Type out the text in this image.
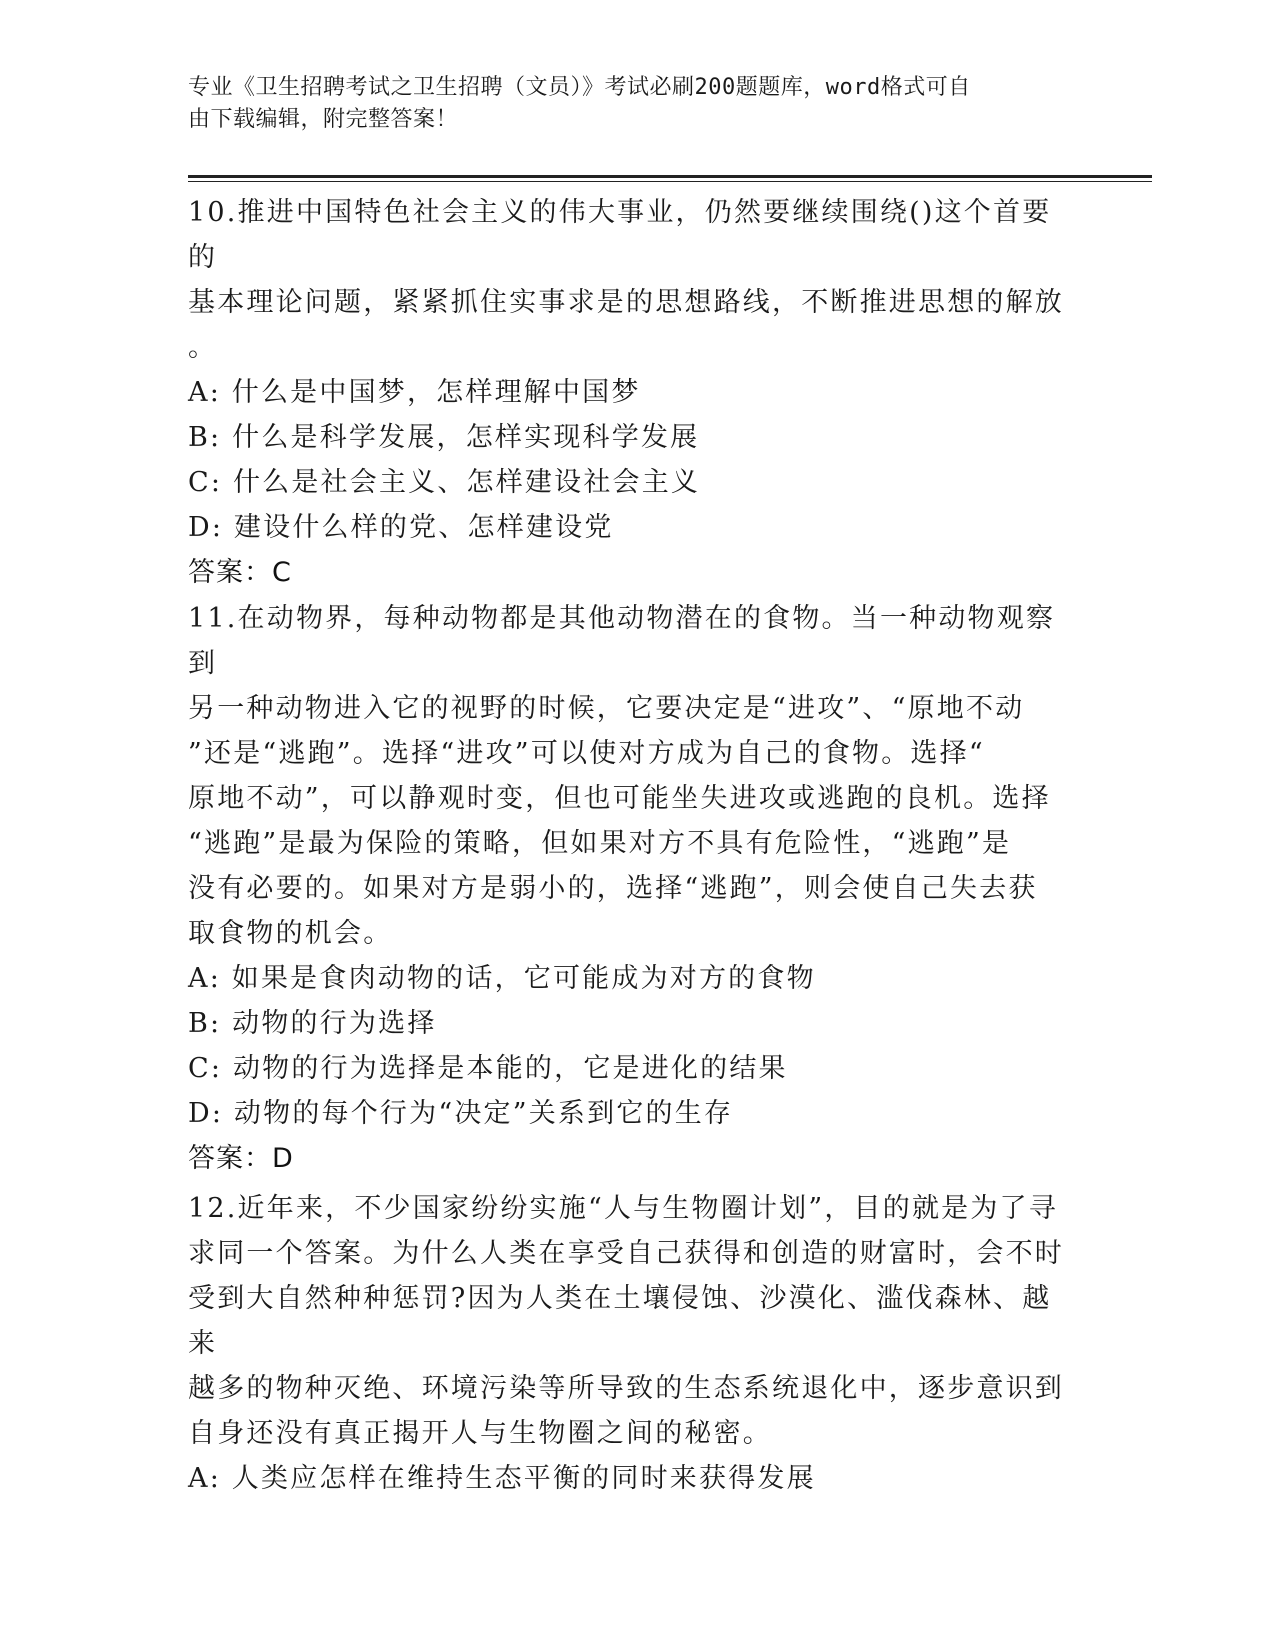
专业《卫生招聘考试之卫生招聘（文员）》考试必刷200题题库，word格式可自
由下载编辑，附完整答案！

10.推进中国特色社会主义的伟大事业，仍然要继续围绕()这个首要的

基本理论问题，紧紧抓住实事求是的思想路线，不断推进思想的解放

。

A: 什么是中国梦，怎样理解中国梦

B: 什么是科学发展，怎样实现科学发展

C: 什么是社会主义、怎样建设社会主义

D: 建设什么样的党、怎样建设党

答案：C

11.在动物界，每种动物都是其他动物潜在的食物。当一种动物观察到

另一种动物进入它的视野的时候，它要决定是“进攻”、“原地不动

”还是“逃跑”。选择“进攻”可以使对方成为自己的食物。选择“

原地不动”，可以静观时变，但也可能坐失进攻或逃跑的良机。选择

“逃跑”是最为保险的策略，但如果对方不具有危险性，“逃跑”是

没有必要的。如果对方是弱小的，选择“逃跑”，则会使自己失去获

取食物的机会。

A: 如果是食肉动物的话，它可能成为对方的食物

B: 动物的行为选择

C: 动物的行为选择是本能的，它是进化的结果

D: 动物的每个行为“决定”关系到它的生存

答案：D

12.近年来，不少国家纷纷实施“人与生物圈计划”，目的就是为了寻

求同一个答案。为什么人类在享受自己获得和创造的财富时，会不时

受到大自然种种惩罚?因为人类在土壤侵蚀、沙漠化、滥伐森林、越来

越多的物种灭绝、环境污染等所导致的生态系统退化中，逐步意识到

自身还没有真正揭开人与生物圈之间的秘密。

A: 人类应怎样在维持生态平衡的同时来获得发展
